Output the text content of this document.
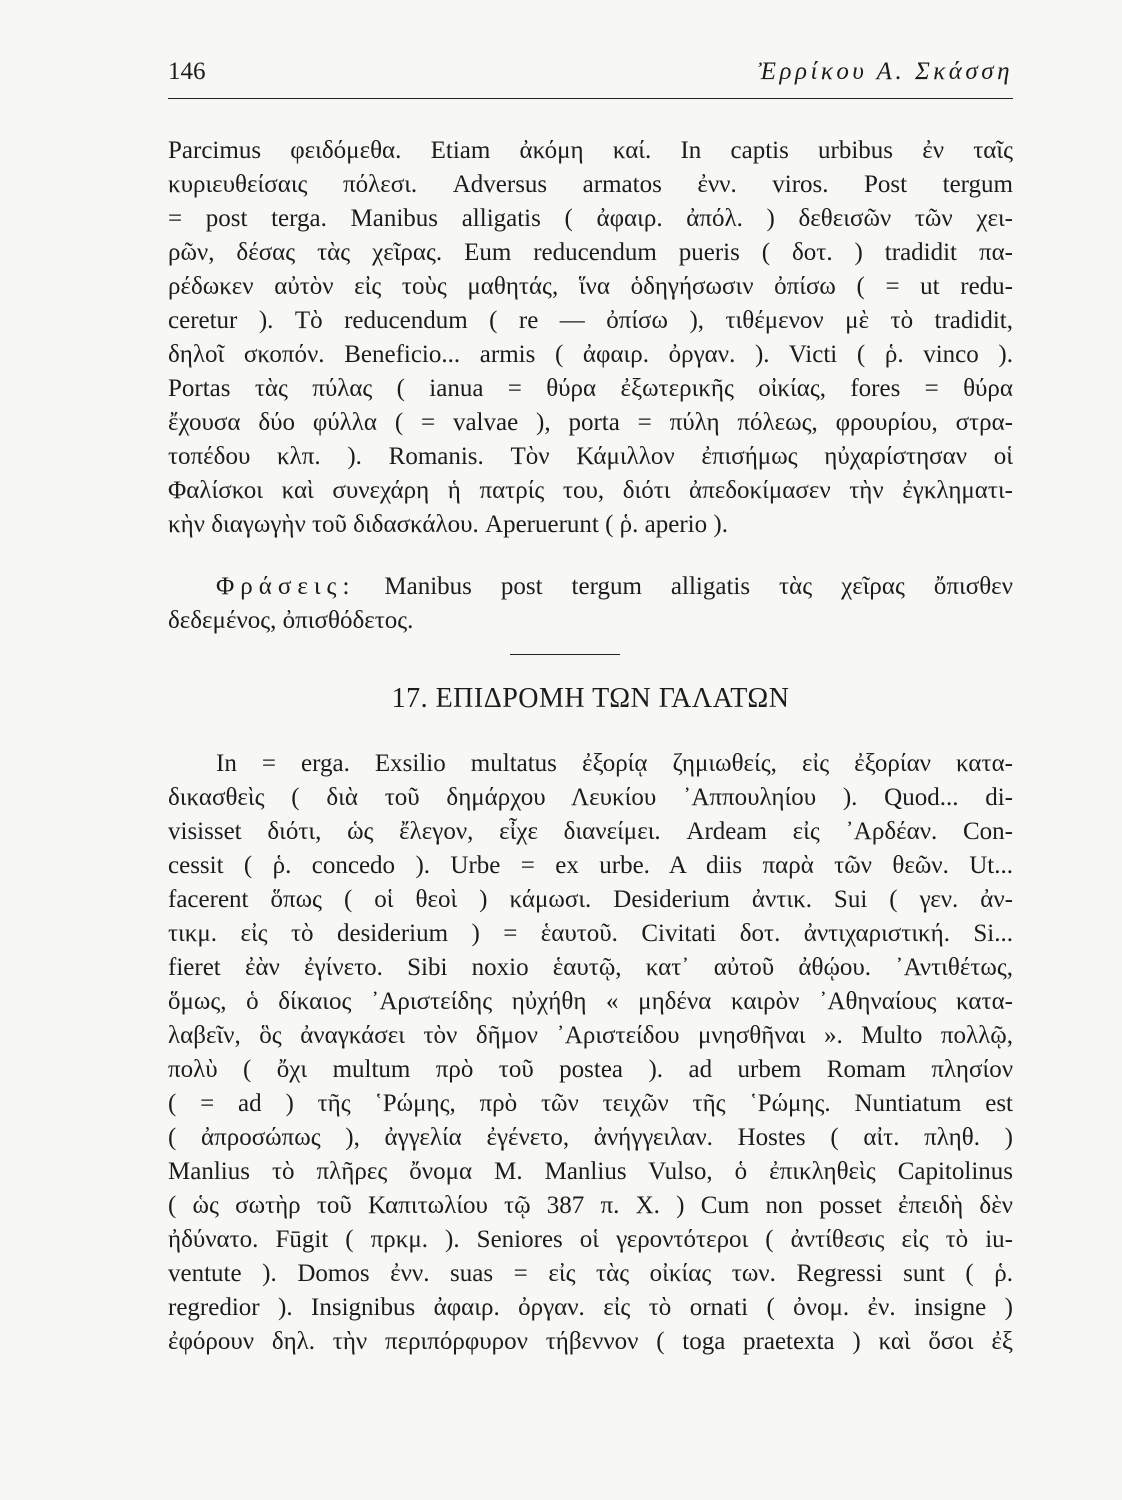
146	Ἐρρίκου Α. Σκάσση
Parcimus φειδόμεθα. Etiam ἀκόμη καί. In captis urbibus ἐν ταῖς
κυριευθείσαις πόλεσι. Adversus armatos ἐνν. viros. Post tergum
= post terga. Manibus alligatis ( ἀφαιρ. ἀπόλ. ) δεθεισῶν τῶν χει-
ρῶν, δέσας τὰς χεῖρας. Eum reducendum pueris ( δοτ. ) tradidit πα-
ρέδωκεν αὐτὸν εἰς τοὺς μαθητάς, ἵνα ὁδηγήσωσιν ὀπίσω ( = ut redu-
ceretur ). Τὸ reducendum ( re — ὀπίσω ), τιθέμενον μὲ τὸ tradidit,
δηλοῖ σκοπόν. Beneficio... armis ( ἀφαιρ. ὀργαν. ). Victi ( ῥ. vinco ).
Portas τὰς πύλας ( ianua = θύρα ἐξωτερικῆς οἰκίας, fores = θύρα
ἔχουσα δύο φύλλα ( = valvae ), porta = πύλη πόλεως, φρουρίου, στρα-
τοπέδου κλπ. ). Romanis. Τὸν Κάμιλλον ἐπισήμως ηὐχαρίστησαν οἱ
Φαλίσκοι καὶ συνεχάρη ἡ πατρίς του, διότι ἀπεδοκίμασεν τὴν ἐγκληματι-
κὴν διαγωγὴν τοῦ διδασκάλου. Aperuerunt ( ῥ. aperio ).
Φράσεις: Manibus post tergum alligatis τὰς χεῖρας ὄπισθεν
δεδεμένος, ὀπισθόδετος.
17. ΕΠΙΔΡΟΜΗ ΤΩΝ ΓΑΛΑΤΩΝ
In = erga. Exsilio multatus ἐξορίᾳ ζημιωθείς, εἰς ἐξορίαν κατα-
δικασθεὶς ( διὰ τοῦ δημάρχου Λευκίου ᾿Αππουληίου ). Quod... di-
visisset διότι, ὡς ἔλεγον, εἶχε διανείμει. Ardeam εἰς ᾿Αρδέαν. Con-
cessit ( ῥ. concedo ). Urbe = ex urbe. A diis παρὰ τῶν θεῶν. Ut...
facerent ὅπως ( οἱ θεοὶ ) κάμωσι. Desiderium ἀντικ. Sui ( γεν. ἀν-
τικμ. εἰς τὸ desiderium ) = ἑαυτοῦ. Civitati δοτ. ἀντιχαριστική. Si...
fieret ἐὰν ἐγίνετο. Sibi noxio ἑαυτῷ, κατ᾿ αὐτοῦ ἀθῴου. ᾿Αντιθέτως,
ὅμως, ὁ δίκαιος ᾿Αριστείδης ηὐχήθη « μηδένα καιρὸν ᾿Αθηναίους κατα-
λαβεῖν, ὃς ἀναγκάσει τὸν δῆμον ᾿Αριστείδου μνησθῆναι ». Multo πολλῷ,
πολὺ ( ὄχι multum πρὸ τοῦ postea ). ad urbem Romam πλησίον
( = ad ) τῆς ῾Ρώμης, πρὸ τῶν τειχῶν τῆς ῾Ρώμης. Nuntiatum est
( ἀπροσώπως ), ἀγγελία ἐγένετο, ἀνήγγειλαν. Hostes ( αἰτ. πληθ. )
Manlius τὸ πλῆρες ὄνομα M. Manlius Vulso, ὁ ἐπικληθεὶς Capitolinus
( ὡς σωτὴρ τοῦ Καπιτωλίου τῷ 387 π. Χ. ) Cum non posset ἐπειδὴ δὲν
ἠδύνατο. Fūgit ( πρκμ. ). Seniores οἱ γεροντότεροι ( ἀντίθεσις εἰς τὸ iu-
ventute ). Domos ἐνν. suas = εἰς τὰς οἰκίας των. Regressi sunt ( ῥ.
regredior ). Insignibus ἀφαιρ. ὀργαν. εἰς τὸ ornati ( ὀνομ. ἐν. insigne )
ἐφόρουν δηλ. τὴν περιπόρφυρον τήβεννον ( toga praetexta ) καὶ ὅσοι ἐξ
